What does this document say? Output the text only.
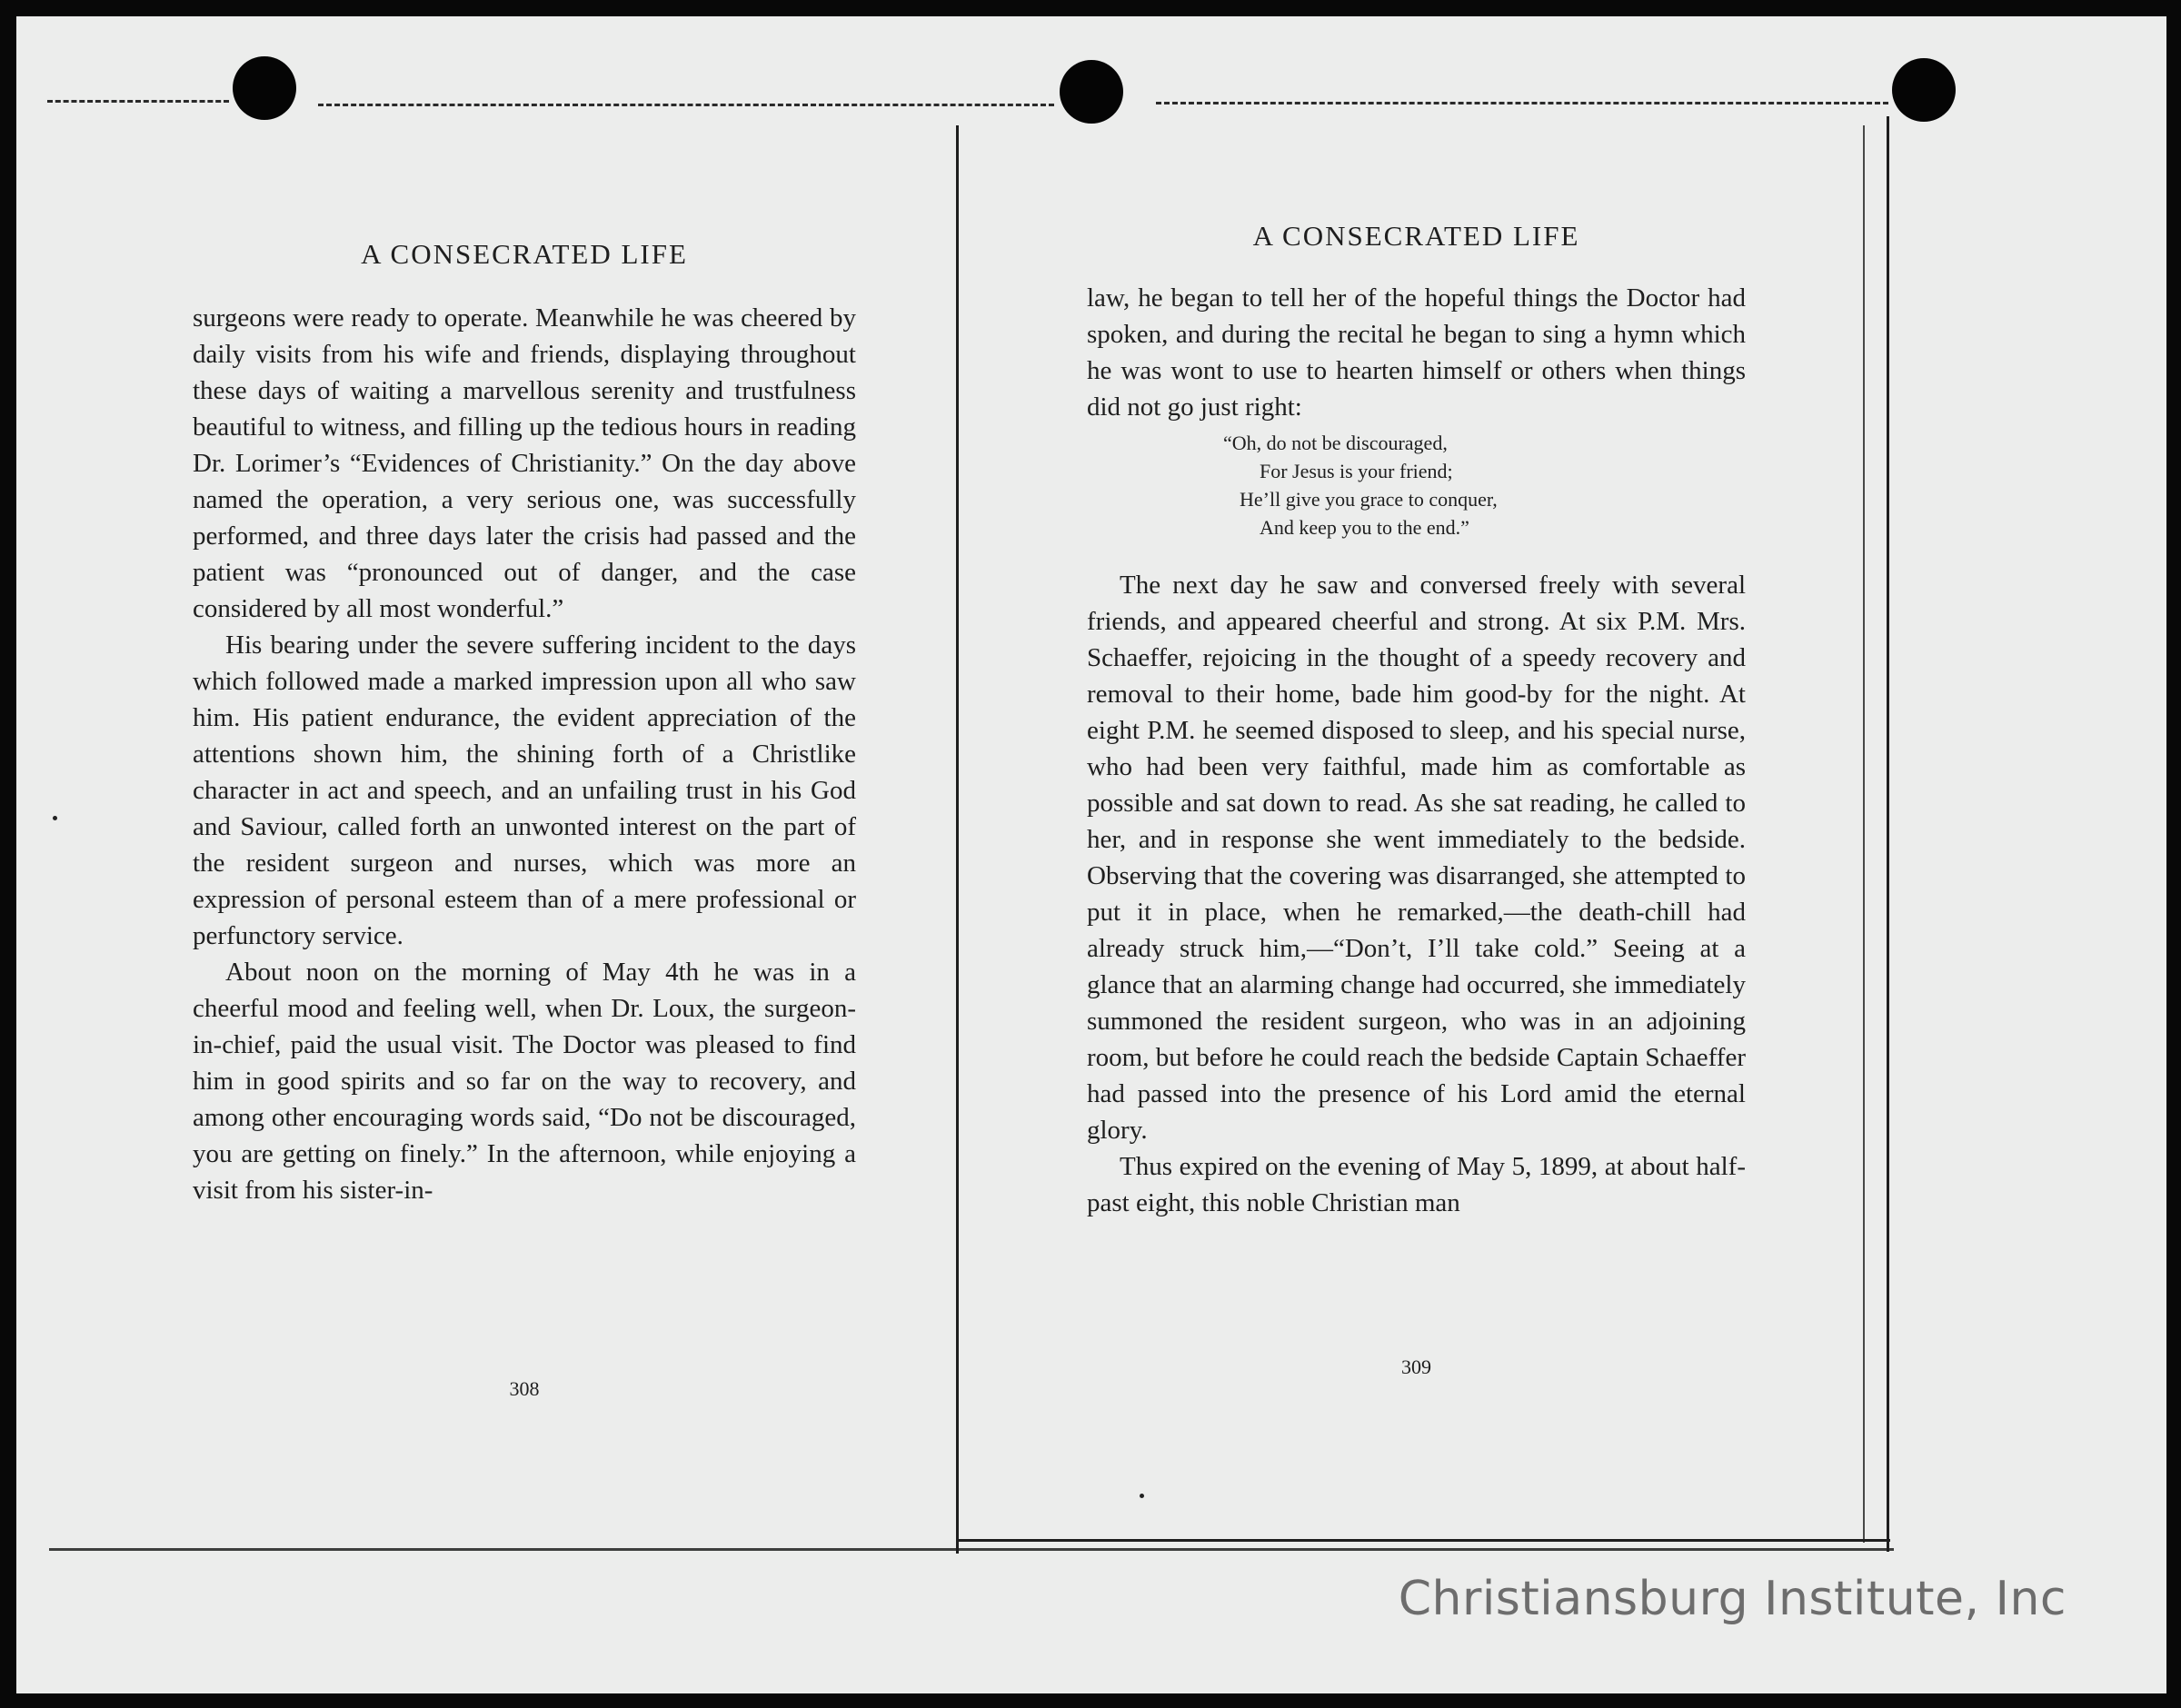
A CONSECRATED LIFE

surgeons were ready to operate. Meanwhile he was cheered by daily visits from his wife and friends, displaying throughout these days of waiting a marvellous serenity and trustfulness beautiful to witness, and filling up the tedious hours in reading Dr. Lorimer’s “Evidences of Christianity.” On the day above named the operation, a very serious one, was successfully performed, and three days later the crisis had passed and the patient was “pronounced out of danger, and the case considered by all most wonderful.”

His bearing under the severe suffering incident to the days which followed made a marked impression upon all who saw him. His patient endurance, the evident appreciation of the attentions shown him, the shining forth of a Christlike character in act and speech, and an unfailing trust in his God and Saviour, called forth an unwonted interest on the part of the resident surgeon and nurses, which was more an expression of personal esteem than of a mere professional or perfunctory service.

About noon on the morning of May 4th he was in a cheerful mood and feeling well, when Dr. Loux, the surgeon-in-chief, paid the usual visit. The Doctor was pleased to find him in good spirits and so far on the way to recovery, and among other encouraging words said, “Do not be discouraged, you are getting on finely.” In the afternoon, while enjoying a visit from his sister-in-

308
A CONSECRATED LIFE

law, he began to tell her of the hopeful things the Doctor had spoken, and during the recital he began to sing a hymn which he was wont to use to hearten himself or others when things did not go just right:

“Oh, do not be discouraged,
For Jesus is your friend;
He’ll give you grace to conquer,
And keep you to the end.”

The next day he saw and conversed freely with several friends, and appeared cheerful and strong. At six P.M. Mrs. Schaeffer, rejoicing in the thought of a speedy recovery and removal to their home, bade him good-by for the night. At eight P.M. he seemed disposed to sleep, and his special nurse, who had been very faithful, made him as comfortable as possible and sat down to read. As she sat reading, he called to her, and in response she went immediately to the bedside. Observing that the covering was disarranged, she attempted to put it in place, when he remarked,—the death-chill had already struck him,—“Don’t, I’ll take cold.” Seeing at a glance that an alarming change had occurred, she immediately summoned the resident surgeon, who was in an adjoining room, but before he could reach the bedside Captain Schaeffer had passed into the presence of his Lord amid the eternal glory.

Thus expired on the evening of May 5, 1899, at about half-past eight, this noble Christian man

309
Christiansburg Institute, Inc
